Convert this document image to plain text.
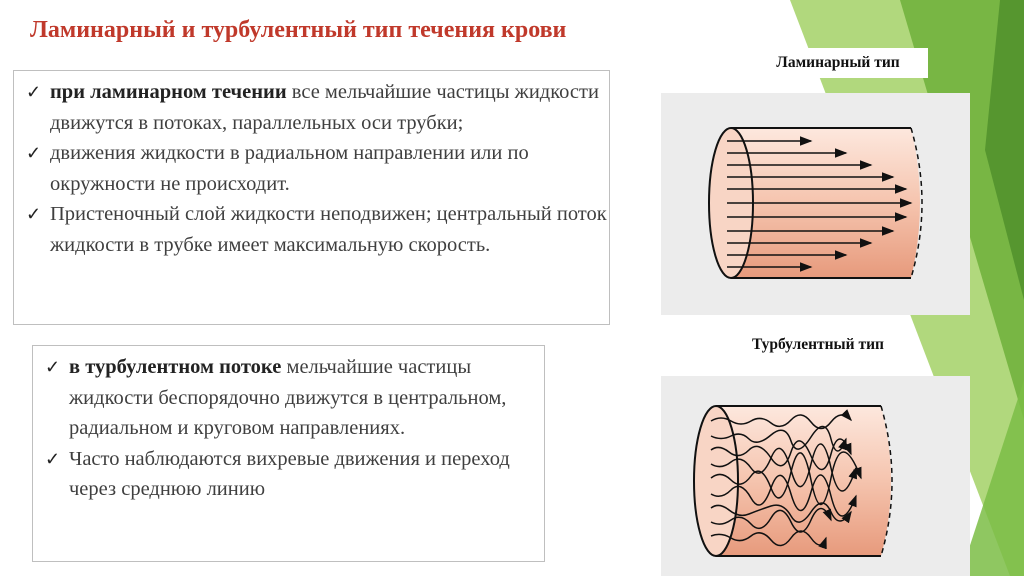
Ламинарный и турбулентный тип течения крови
✓ при ламинарном течении все мельчайшие частицы жидкости движутся в потоках, параллельных оси трубки;
✓ движения жидкости в радиальном направлении или по окружности не происходит.
✓ Пристеночный слой жидкости неподвижен; центральный поток жидкости в трубке имеет максимальную скорость.
✓ в турбулентном потоке мельчайшие частицы жидкости беспорядочно движутся в центральном, радиальном и круговом направлениях.
✓ Часто наблюдаются вихревые движения и переход через среднюю линию
Ламинарный тип
Турбулентный тип
